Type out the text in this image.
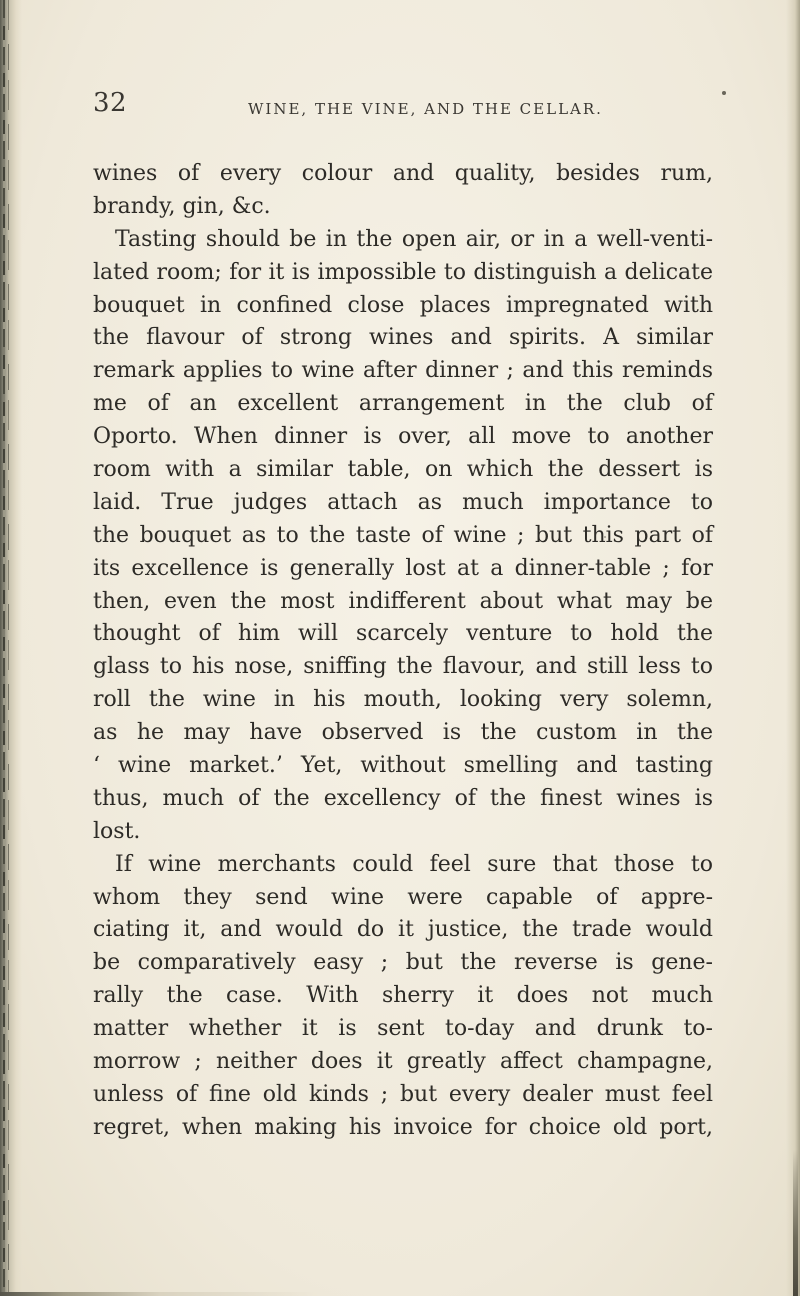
32	WINE, THE VINE, AND THE CELLAR.
wines of every colour and quality, besides rum,
brandy, gin, &c.
Tasting should be in the open air, or in a well-venti-
lated room; for it is impossible to distinguish a delicate
bouquet in confined close places impregnated with
the flavour of strong wines and spirits. A similar
remark applies to wine after dinner ; and this reminds
me of an excellent arrangement in the club of
Oporto. When dinner is over, all move to another
room with a similar table, on which the dessert is
laid. True judges attach as much importance to
the bouquet as to the taste of wine ; but this part of
its excellence is generally lost at a dinner-table ; for
then, even the most indifferent about what may be
thought of him will scarcely venture to hold the
glass to his nose, sniffing the flavour, and still less to
roll the wine in his mouth, looking very solemn,
as he may have observed is the custom in the
‘ wine market.’ Yet, without smelling and tasting
thus, much of the excellency of the finest wines is
lost.
If wine merchants could feel sure that those to
whom they send wine were capable of appre-
ciating it, and would do it justice, the trade would
be comparatively easy ; but the reverse is gene-
rally the case. With sherry it does not much
matter whether it is sent to-day and drunk to-
morrow ; neither does it greatly affect champagne,
unless of fine old kinds ; but every dealer must feel
regret, when making his invoice for choice old port,
